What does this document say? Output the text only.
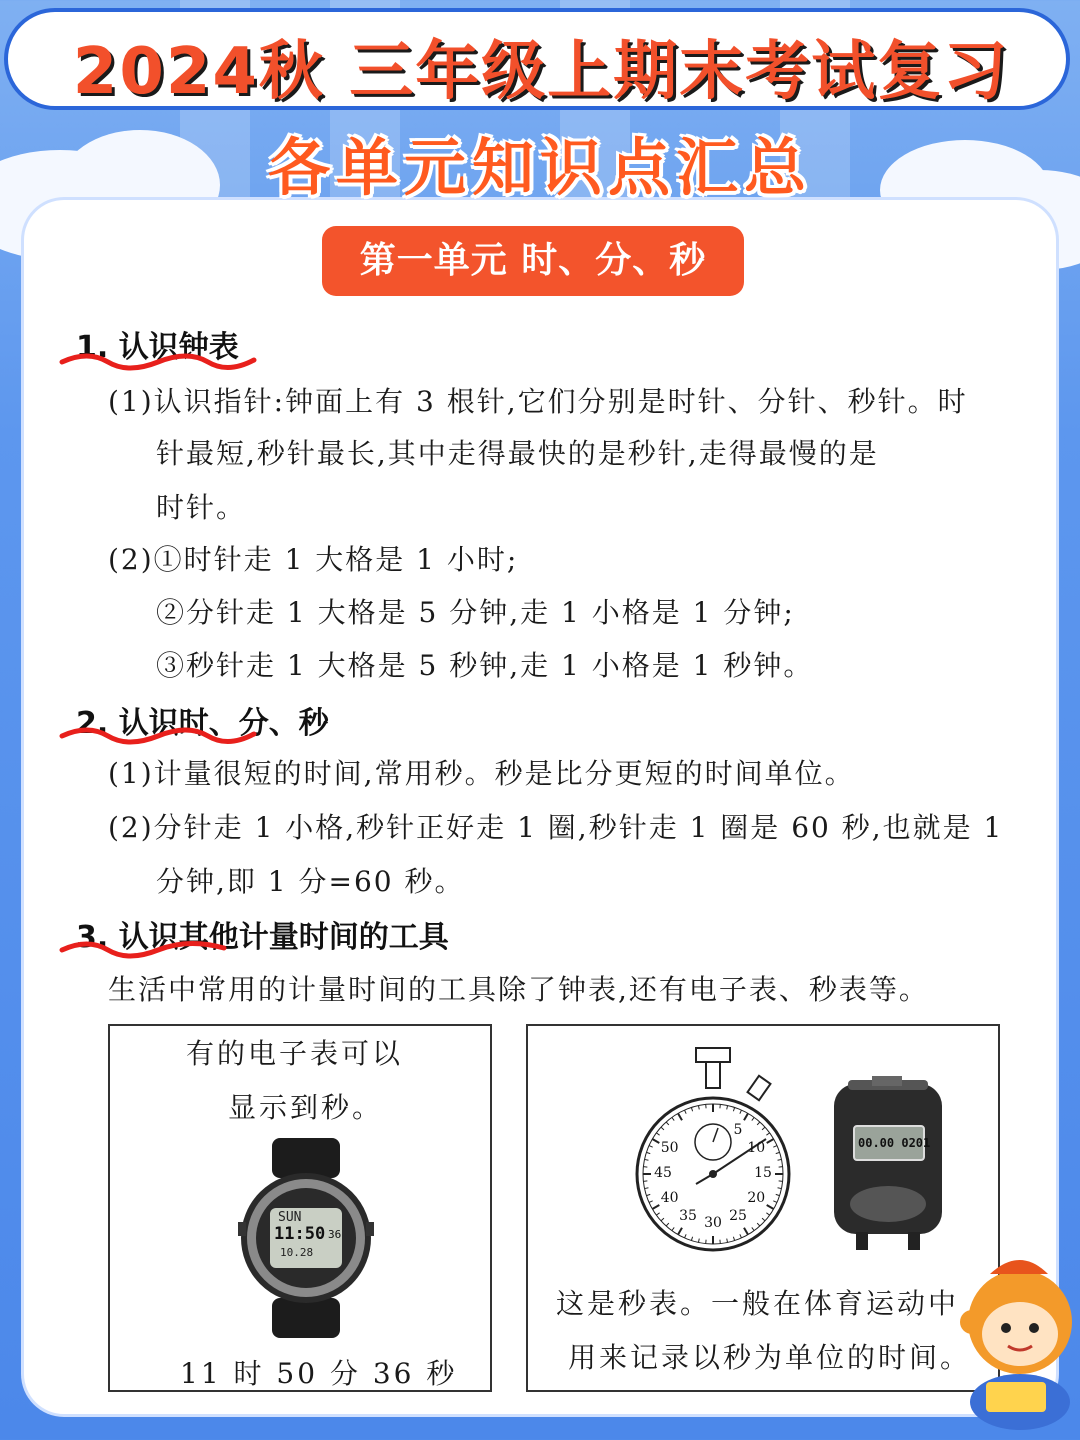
2024秋 三年级上期末考试复习
各单元知识点汇总
第一单元 时、分、秒
1. 认识钟表
(1)认识指针:钟面上有 3 根针,它们分别是时针、分针、秒针。时
针最短,秒针最长,其中走得最快的是秒针,走得最慢的是
时针。
(2)①时针走 1 大格是 1 小时;
②分针走 1 大格是 5 分钟,走 1 小格是 1 分钟;
③秒针走 1 大格是 5 秒钟,走 1 小格是 1 秒钟。
2. 认识时、分、秒
(1)计量很短的时间,常用秒。秒是比分更短的时间单位。
(2)分针走 1 小格,秒针正好走 1 圈,秒针走 1 圈是 60 秒,也就是 1
分钟,即 1 分=60 秒。
3. 认识其他计量时间的工具
生活中常用的计量时间的工具除了钟表,还有电子表、秒表等。
有的电子表可以
显示到秒。
SUN
11:50 36
10.28
11 时 50 分 36 秒
5
10
15
20
25
30
35
40
45
50	00.00 0201
这是秒表。一般在体育运动中
用来记录以秒为单位的时间。
